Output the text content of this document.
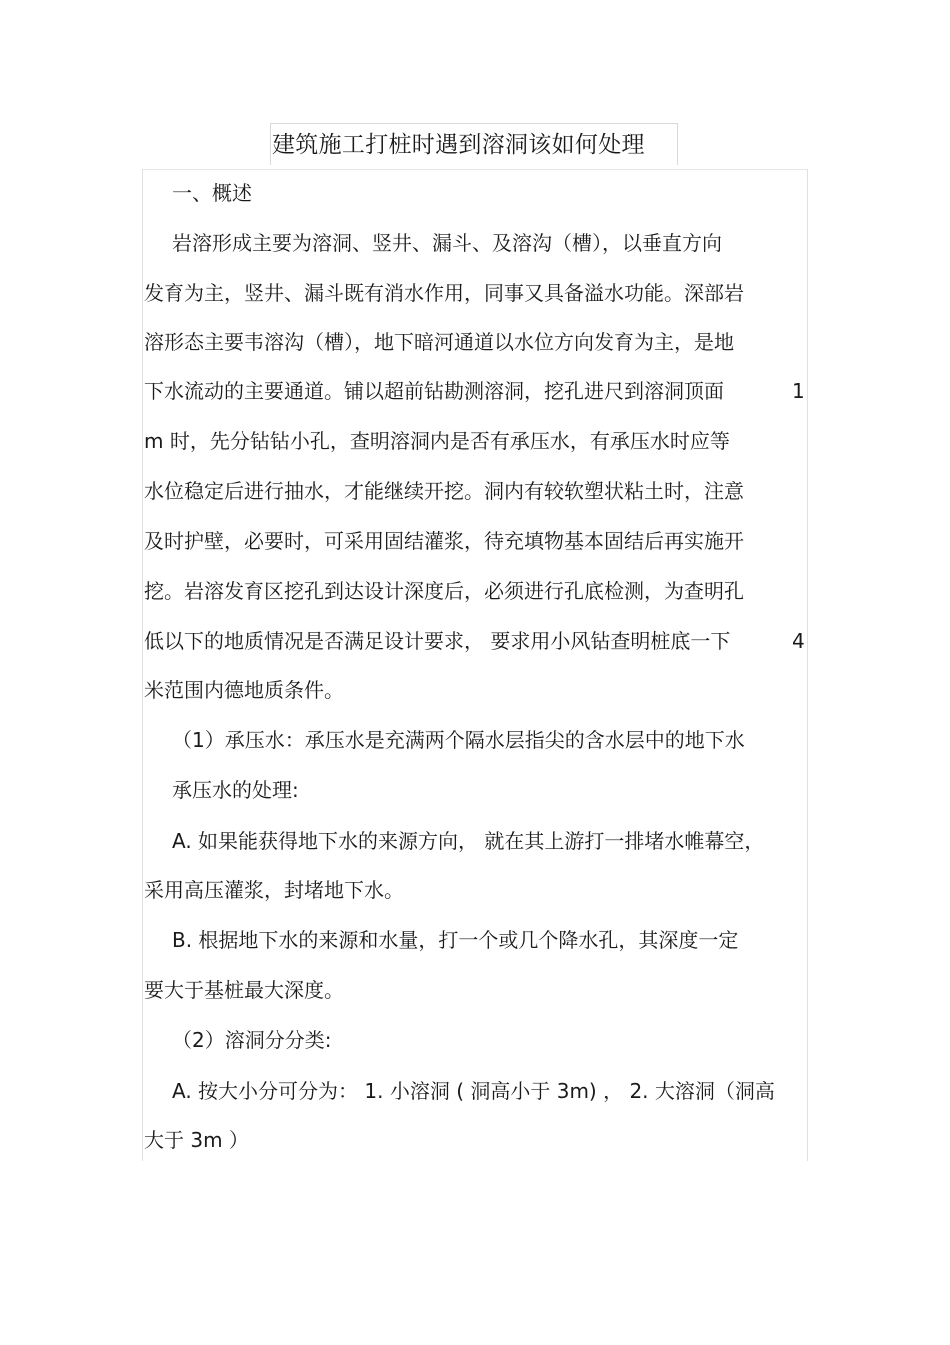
建筑施工打桩时遇到溶洞该如何处理
一、概述
岩溶形成主要为溶洞、竖井、漏斗、及溶沟（槽），以垂直方向
发育为主，竖井、漏斗既有消水作用，同事又具备溢水功能。深部岩
溶形态主要韦溶沟（槽），地下暗河通道以水位方向发育为主，是地
下水流动的主要通道。铺以超前钻勘测溶洞，挖孔进尺到溶洞顶面	1
m 时，先分钻钻小孔，查明溶洞内是否有承压水，有承压水时应等
水位稳定后进行抽水，才能继续开挖。洞内有较软塑状粘土时，注意
及时护壁，必要时，可采用固结灌浆，待充填物基本固结后再实施开
挖。岩溶发育区挖孔到达设计深度后，必须进行孔底检测，为查明孔
低以下的地质情况是否满足设计要求， 要求用小风钻查明桩底一下	4
米范围内德地质条件。
（1）承压水：承压水是充满两个隔水层指尖的含水层中的地下水
承压水的处理:
A. 如果能获得地下水的来源方向， 就在其上游打一排堵水帷幕空，
采用高压灌浆，封堵地下水。
B. 根据地下水的来源和水量，打一个或几个降水孔，其深度一定
要大于基桩最大深度。
（2）溶洞分分类:
A. 按大小分可分为： 1. 小溶洞 ( 洞高小于 3m) ， 2. 大溶洞（洞高
大于 3m ）
